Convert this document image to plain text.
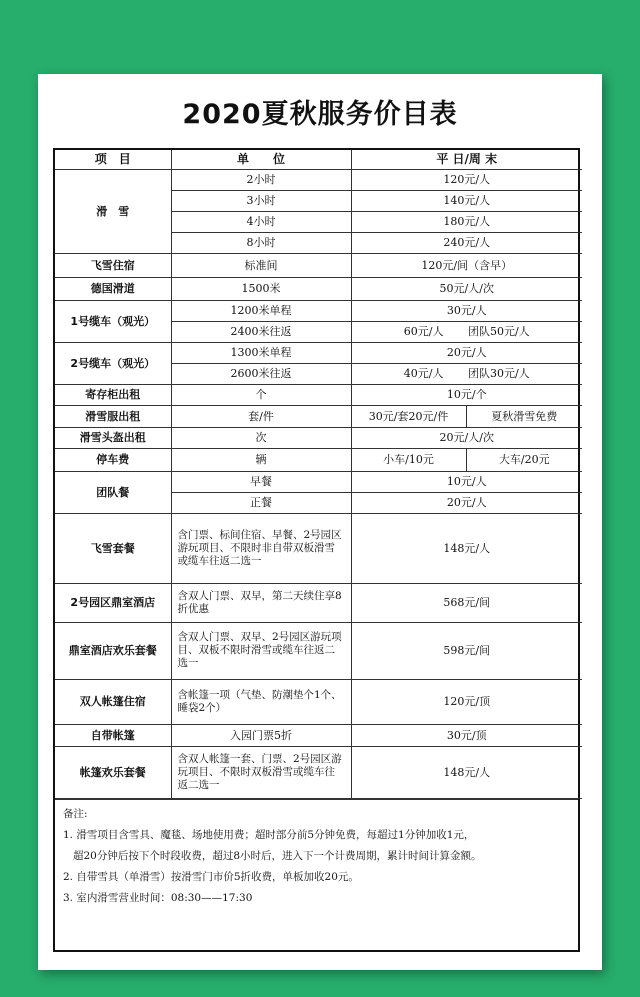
2020夏秋服务价目表
项　目	单　　位	平 日/周 末	
滑　雪	2小时	120元/人	
	3小时	140元/人	
	4小时	180元/人	
	8小时	240元/人	
飞雪住宿	标准间	120元/间（含早）	
德国滑道	1500米	50元/人/次	
1号缆车（观光）	1200米单程	30元/人	
	2400米往返	60元/人 团队50元/人	
2号缆车（观光）	1300米单程	20元/人	
	2600米往返	40元/人 团队30元/人	
寄存柜出租	个	10元/个	
滑雪服出租	套/件	30元/套20元/件	夏秋滑雪免费
滑雪头盔出租	次	20元/人/次	
停车费	辆	小车/10元	大车/20元
团队餐	早餐	10元/人	
	正餐	20元/人	
飞雪套餐	含门票、标间住宿、早餐、2号园区游玩项目、不限时非自带双板滑雪或缆车往返二选一	148元/人	
2号园区鼎室酒店	含双人门票、双早，第二天续住享8折优惠	568元/间	
鼎室酒店欢乐套餐	含双人门票、双早、2号园区游玩项目、双板不限时滑雪或缆车往返二选一	598元/间	
双人帐篷住宿	含帐篷一项（气垫、防潮垫个1个、睡袋2个）	120元/顶	
自带帐篷	入园门票5折	30元/顶	
帐篷欢乐套餐	含双人帐篷一套、门票、2号园区游玩项目、不限时双板滑雪或缆车往返二选一	148元/人	
备注:
1. 滑雪项目含雪具、魔毯、场地使用费；超时部分前5分钟免费，每超过1分钟加收1元，
超20分钟后按下个时段收费，超过8小时后，进入下一个计费周期，累计时间计算金额。
2. 自带雪具（单滑雪）按滑雪门市价5折收费，单板加收20元。
3. 室内滑雪营业时间：08:30——17:30
